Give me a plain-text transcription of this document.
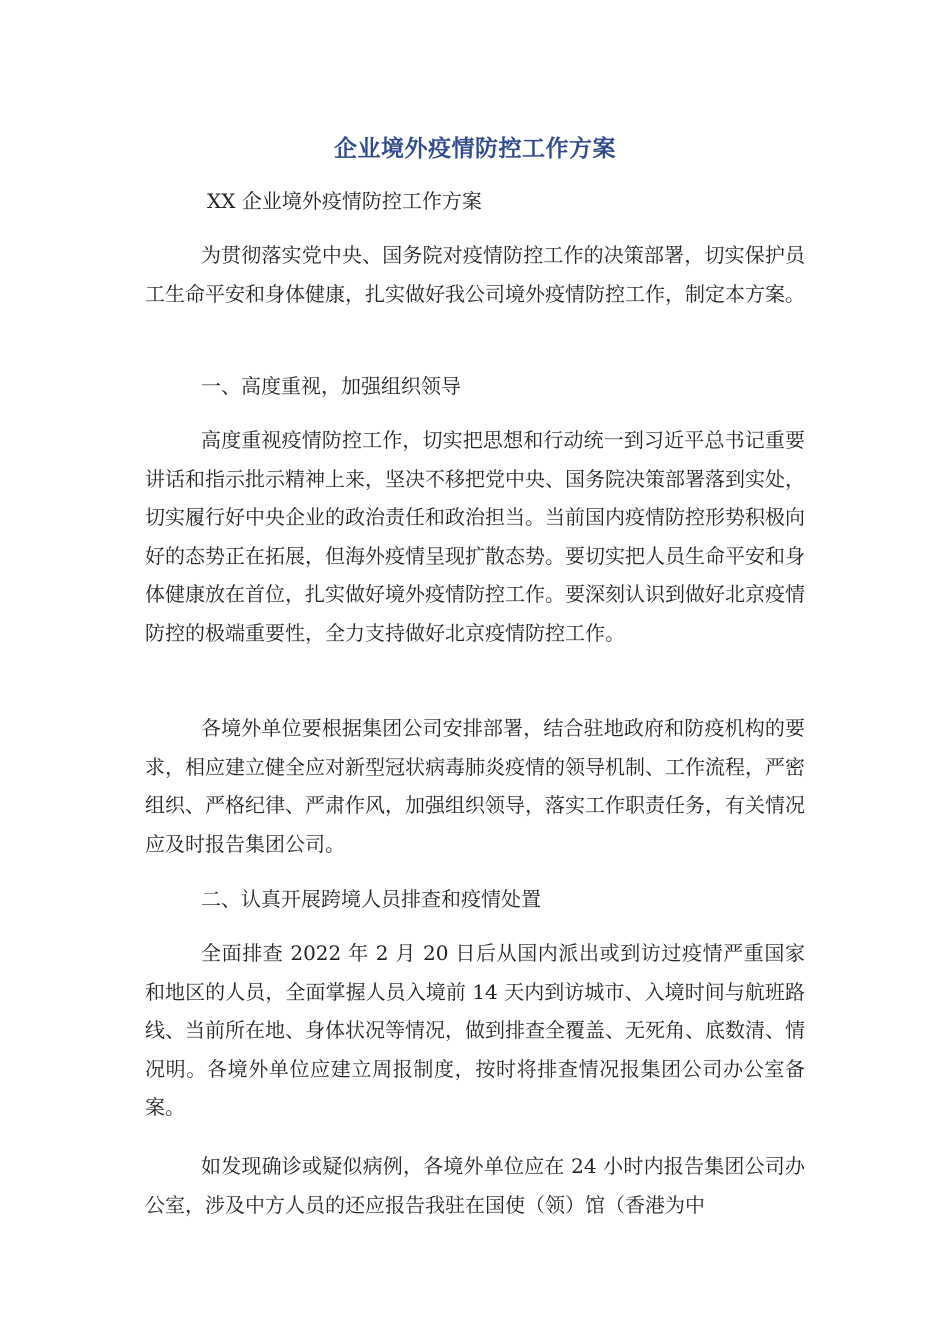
企业境外疫情防控工作方案
XX 企业境外疫情防控工作方案

为贯彻落实党中央、国务院对疫情防控工作的决策部署，切实保护员工生命平安和身体健康，扎实做好我公司境外疫情防控工作，制定本方案。

一、高度重视，加强组织领导

高度重视疫情防控工作，切实把思想和行动统一到习近平总书记重要讲话和指示批示精神上来，坚决不移把党中央、国务院决策部署落到实处，切实履行好中央企业的政治责任和政治担当。当前国内疫情防控形势积极向好的态势正在拓展，但海外疫情呈现扩散态势。要切实把人员生命平安和身体健康放在首位，扎实做好境外疫情防控工作。要深刻认识到做好北京疫情防控的极端重要性，全力支持做好北京疫情防控工作。

各境外单位要根据集团公司安排部署，结合驻地政府和防疫机构的要求，相应建立健全应对新型冠状病毒肺炎疫情的领导机制、工作流程，严密组织、严格纪律、严肃作风，加强组织领导，落实工作职责任务，有关情况应及时报告集团公司。

二、认真开展跨境人员排查和疫情处置

全面排查 2022 年 2 月 20 日后从国内派出或到访过疫情严重国家和地区的人员，全面掌握人员入境前 14 天内到访城市、入境时间与航班路线、当前所在地、身体状况等情况，做到排查全覆盖、无死角、底数清、情况明。各境外单位应建立周报制度，按时将排查情况报集团公司办公室备案。

如发现确诊或疑似病例，各境外单位应在 24 小时内报告集团公司办公室，涉及中方人员的还应报告我驻在国使（领）馆（香港为中
